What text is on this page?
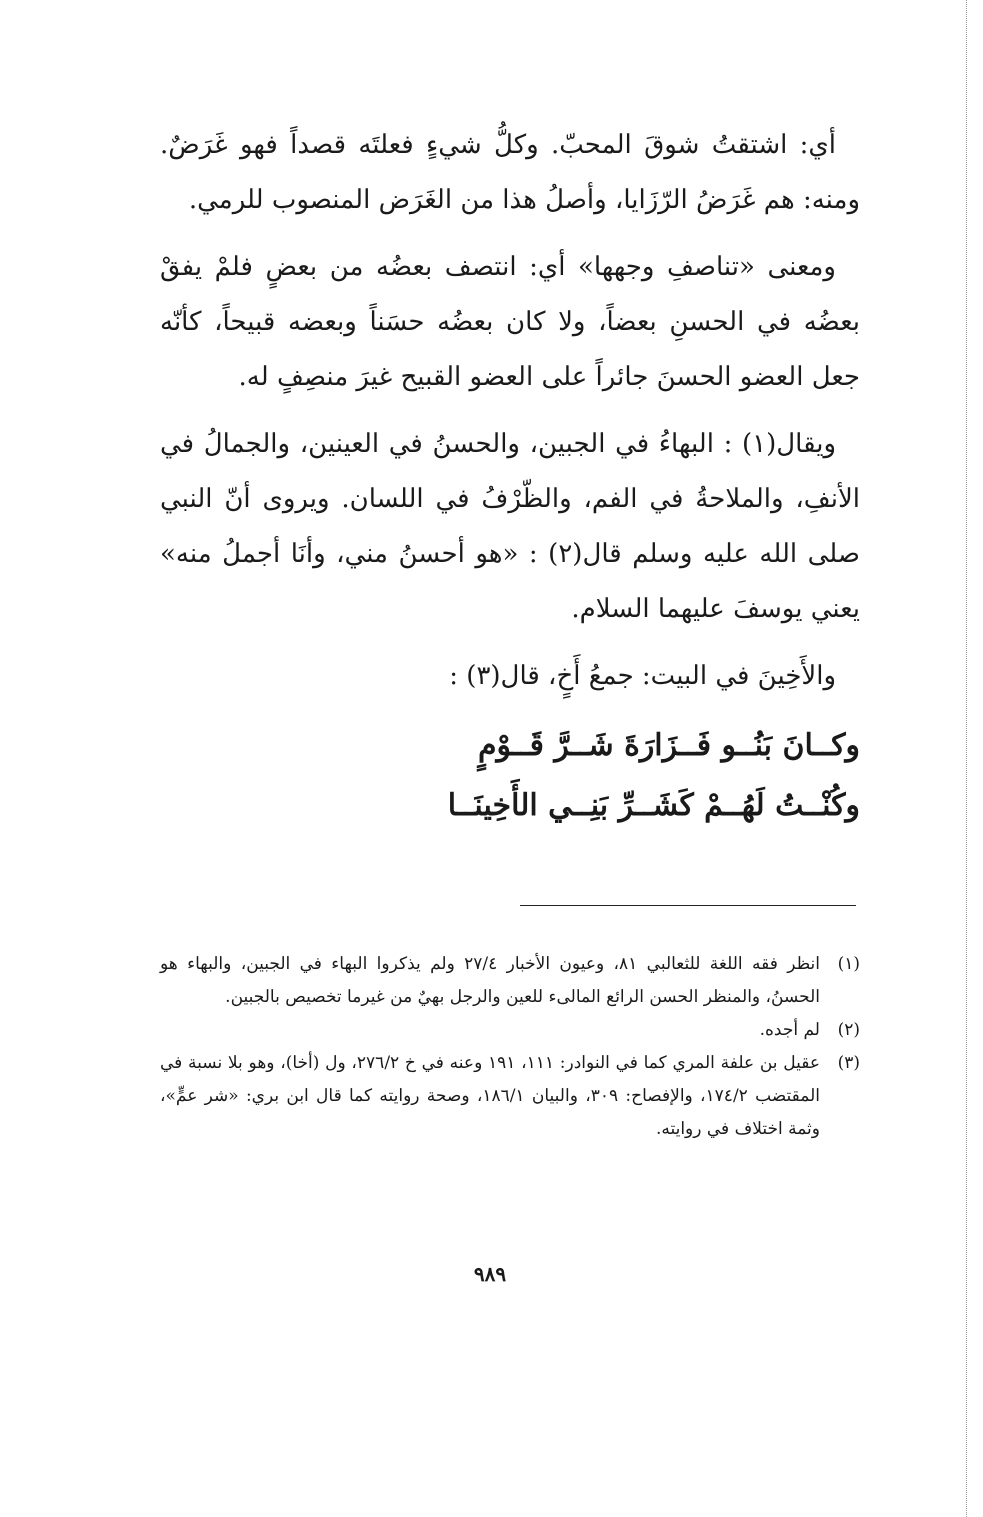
أي: اشتقتُ شوقَ المحبّ. وكلُّ شيءٍ فعلتَه قصداً فهو غَرَضٌ. ومنه: هم غَرَضُ الرّزَايا، وأصلُ هذا من الغَرَض المنصوب للرمي.

ومعنى «تناصفِ وجهها» أي: انتصف بعضُه من بعضٍ فلمْ يفقْ بعضُه في الحسنِ بعضاً، ولا كان بعضُه حسَناً وبعضه قبيحاً، كأنّه جعل العضو الحسنَ جائراً على العضو القبيح غيرَ منصِفٍ له.

ويقال(١) : البهاءُ في الجبين، والحسنُ في العينين، والجمالُ في الأنفِ، والملاحةُ في الفم، والظّرْفُ في اللسان. ويروى أنّ النبي صلى الله عليه وسلم قال(٢) : «هو أحسنُ مني، وأنَا أجملُ منه» يعني يوسفَ عليهما السلام.

والأَخِينَ في البيت: جمعُ أَخٍ، قال(٣) :

وكــانَ بَنُــو فَــزَارَةَ شَــرَّ قَــوْمٍ
وكُنْــتُ لَهُــمْ كَشَــرِّ بَنِــي الأَخِينَــا
(١)
انظر فقه اللغة للثعالبي ٨١، وعيون الأخبار ٢٧/٤ ولم يذكروا البهاء في الجبين، والبهاء هو الحسنُ، والمنظر الحسن الرائع المالىء للعين والرجل بهيٌ من غيرما تخصيص بالجبين.
(٢)
لم أجده.
(٣)
عقيل بن علفة المري كما في النوادر: ١١١، ١٩١ وعنه في خ ٢٧٦/٢، ول (أخا)، وهو بلا نسبة في المقتضب ١٧٤/٢، والإفصاح: ٣٠٩، والبيان ١٨٦/١، وصحة روايته كما قال ابن بري: «شر عمٍّ»، وثمة اختلاف في روايته.
٩٨٩
